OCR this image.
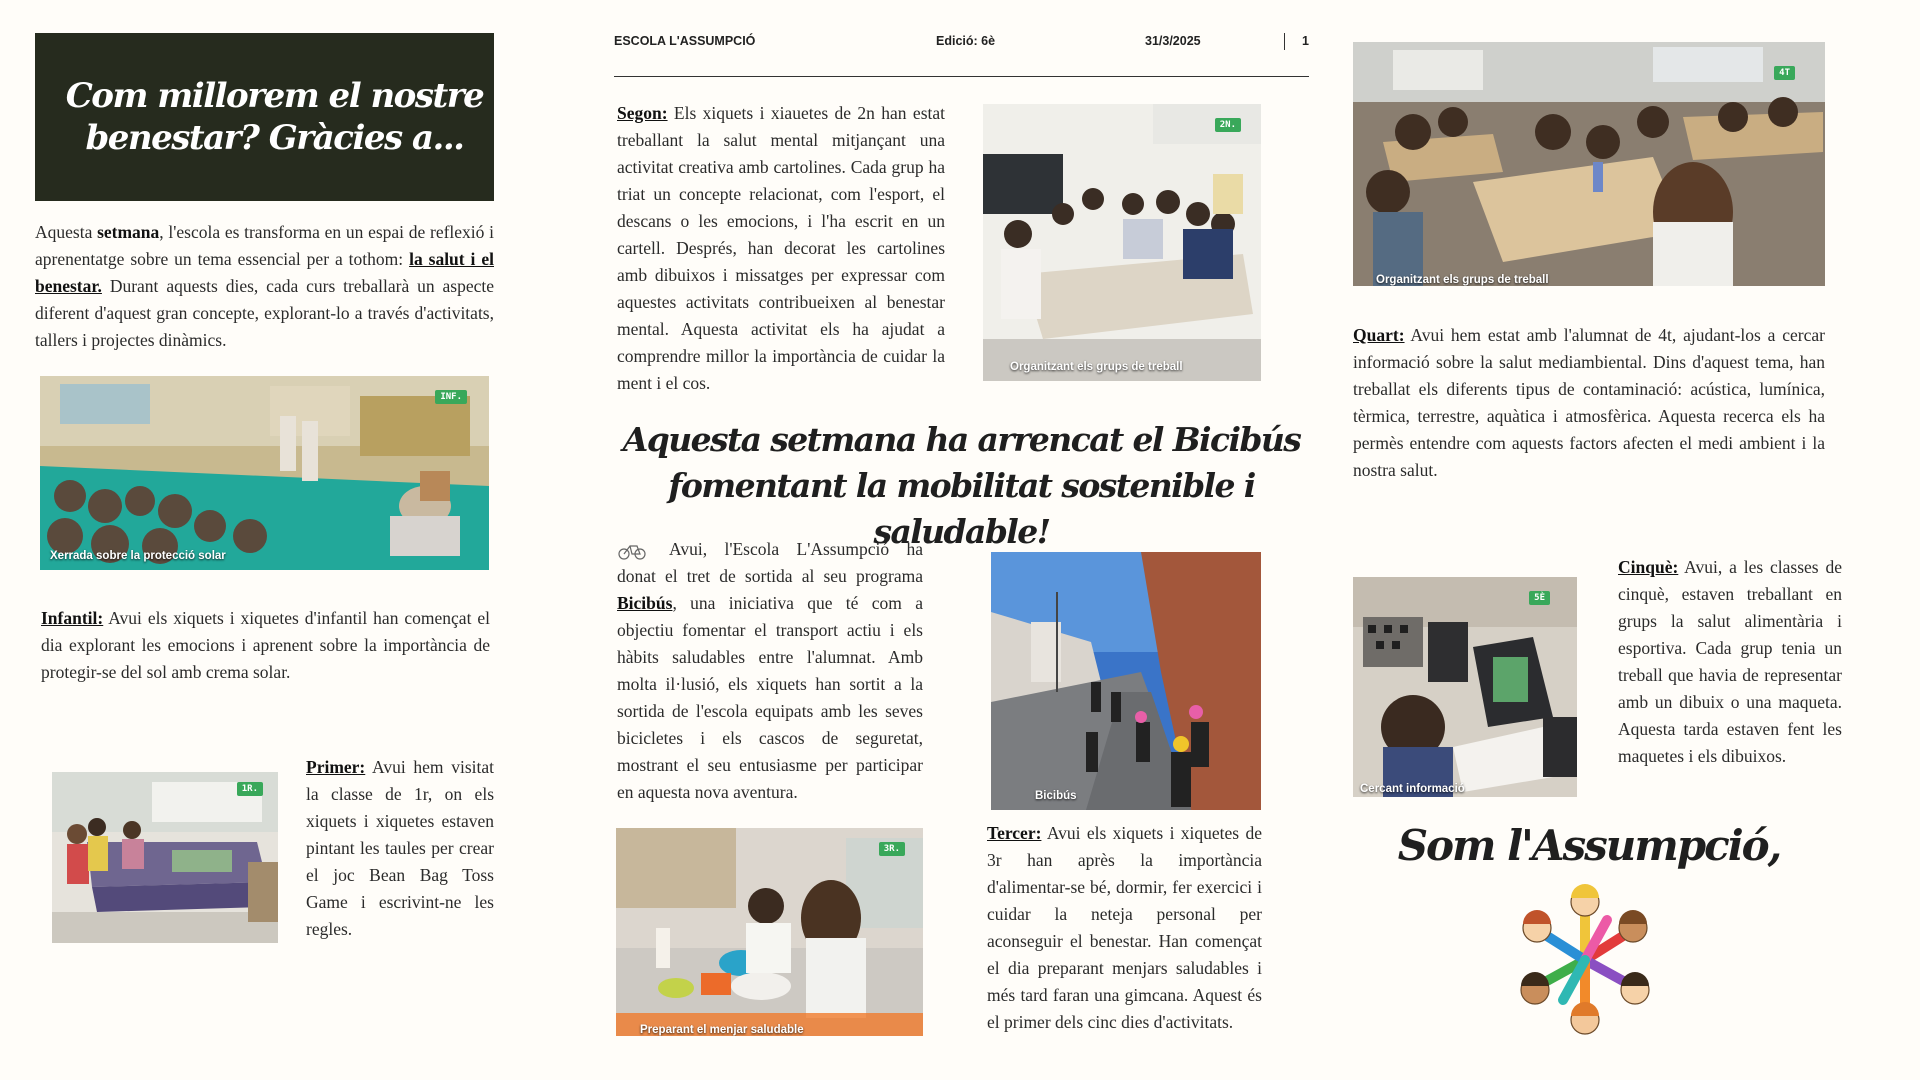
Com millorem el nostre
benestar? Gràcies a...
ESCOLA L'ASSUMPCIÓ	Edició: 6è	31/3/2025	1

Aquesta setmana, l'escola es transforma en un espai de reflexió i aprenentatge sobre un tema essencial per a tothom: la salut i el benestar. Durant aquests dies, cada curs treballarà un aspecte diferent d'aquest gran concepte, explorant-lo a través d'activitats, tallers i projectes dinàmics.

INF.
Xerrada sobre la protecció solar

Infantil: Avui els xiquets i xiquetes d'infantil han començat el dia explorant les emocions i aprenent sobre la importància de protegir-se del sol amb crema solar.

1R.

Primer: Avui hem visitat la classe de 1r, on els xiquets i xiquetes estaven pintant les taules per crear el joc Bean Bag Toss Game i escrivint-ne les regles.

Segon: Els xiquets i xiauetes de 2n han estat treballant la salut mental mitjançant una activitat creativa amb cartolines. Cada grup ha triat un concepte relacionat, com l'esport, el descans o les emocions, i l'ha escrit en un cartell. Després, han decorat les cartolines amb dibuixos i missatges per expressar com aquestes activitats contribueixen al benestar mental. Aquesta activitat els ha ajudat a comprendre millor la importància de cuidar la ment i el cos.

2N.
Organitzant els grups de treball

Aquesta setmana ha arrencat el Bicibús

fomentant la mobilitat sostenible i saludable!

Avui, l'Escola L'Assumpció ha donat el tret de sortida al seu programa Bicibús, una iniciativa que té com a objectiu fomentar el transport actiu i els hàbits saludables entre l'alumnat. Amb molta il·lusió, els xiquets han sortit a la sortida de l'escola equipats amb les seves bicicletes i els cascos de seguretat, mostrant el seu entusiasme per participar en aquesta nova aventura.	Bicibús
3R.
Preparant el menjar saludable

Tercer: Avui els xiquets i xiquetes de 3r han après la importància d'alimentar-se bé, dormir, fer exercici i cuidar la neteja personal per aconseguir el benestar. Han començat el dia preparant menjars saludables i més tard faran una gimcana. Aquest és el primer dels cinc dies d'activitats.

4T
Organitzant els grups de treball

Quart: Avui hem estat amb l'alumnat de 4t, ajudant-los a cercar informació sobre la salut mediambiental. Dins d'aquest tema, han treballat els diferents tipus de contaminació: acústica, lumínica, tèrmica, terrestre, aquàtica i atmosfèrica. Aquesta recerca els ha permès entendre com aquests factors afecten el medi ambient i la nostra salut.

5È
Cercant informació

Cinquè: Avui, a les classes de cinquè, estaven treballant en grups la salut alimentària i esportiva. Cada grup tenia un treball que havia de representar amb un dibuix o una maqueta. Aquesta tarda estaven fent les maquetes i els dibuixos.

Som l'Assumpció,
